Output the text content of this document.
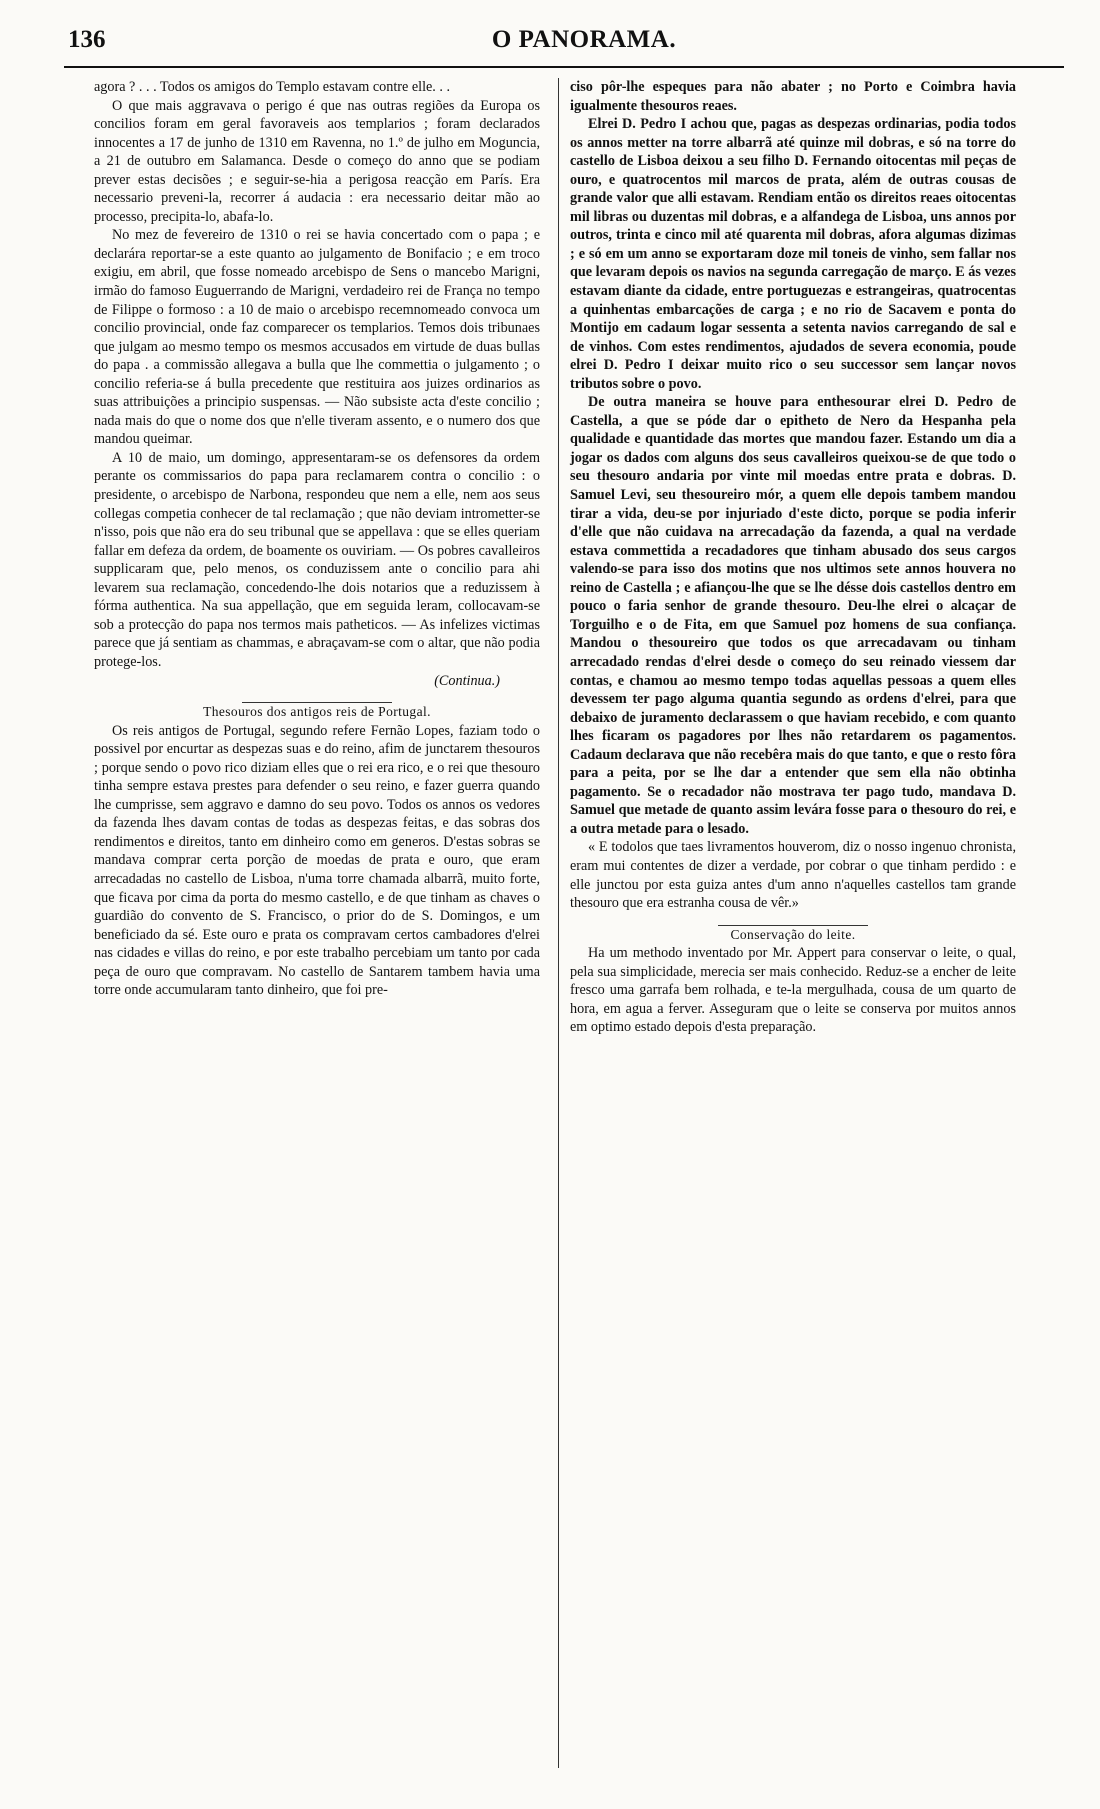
136	O PANORAMA.

agora ? . . . Todos os amigos do Templo estavam contre elle. . .

O que mais aggravava o perigo é que nas outras regiões da Europa os concilios foram em geral favoraveis aos templarios ; foram declarados innocentes a 17 de junho de 1310 em Ravenna, no 1.º de julho em Moguncia, a 21 de outubro em Salamanca. Desde o começo do anno que se podiam prever estas decisões ; e seguir-se-hia a perigosa reacção em París. Era necessario preveni-la, recorrer á audacia : era necessario deitar mão ao processo, precipita-lo, abafa-lo.

No mez de fevereiro de 1310 o rei se havia concertado com o papa ; e declarára reportar-se a este quanto ao julgamento de Bonifacio ; e em troco exigiu, em abril, que fosse nomeado arcebispo de Sens o mancebo Marigni, irmão do famoso Euguerrando de Marigni, verdadeiro rei de França no tempo de Filippe o formoso : a 10 de maio o arcebispo recemnomeado convoca um concilio provincial, onde faz comparecer os templarios. Temos dois tribunaes que julgam ao mesmo tempo os mesmos accusados em virtude de duas bullas do papa . a commissão allegava a bulla que lhe commettia o julgamento ; o concilio referia-se á bulla precedente que restituira aos juizes ordinarios as suas attribuições a principio suspensas. — Não subsiste acta d'este concilio ; nada mais do que o nome dos que n'elle tiveram assento, e o numero dos que mandou queimar.

A 10 de maio, um domingo, appresentaram-se os defensores da ordem perante os commissarios do papa para reclamarem contra o concilio : o presidente, o arcebispo de Narbona, respondeu que nem a elle, nem aos seus collegas competia conhecer de tal reclamação ; que não deviam intrometter-se n'isso, pois que não era do seu tribunal que se appellava : que se elles queriam fallar em defeza da ordem, de boamente os ouviriam. — Os pobres cavalleiros supplicaram que, pelo menos, os conduzissem ante o concilio para ahi levarem sua reclamação, concedendo-lhe dois notarios que a reduzissem à fórma authentica. Na sua appellação, que em seguida leram, collocavam-se sob a protecção do papa nos termos mais patheticos. — As infelizes victimas parece que já sentiam as chammas, e abraçavam-se com o altar, que não podia protege-los.

(Continua.)

Thesouros dos antigos reis de Portugal.

Os reis antigos de Portugal, segundo refere Fernão Lopes, faziam todo o possivel por encurtar as despezas suas e do reino, afim de junctarem thesouros ; porque sendo o povo rico diziam elles que o rei era rico, e o rei que thesouro tinha sempre estava prestes para defender o seu reino, e fazer guerra quando lhe cumprisse, sem aggravo e damno do seu povo. Todos os annos os vedores da fazenda lhes davam contas de todas as despezas feitas, e das sobras dos rendimentos e direitos, tanto em dinheiro como em generos. D'estas sobras se mandava comprar certa porção de moedas de prata e ouro, que eram arrecadadas no castello de Lisboa, n'uma torre chamada albarrã, muito forte, que ficava por cima da porta do mesmo castello, e de que tinham as chaves o guardião do convento de S. Francisco, o prior do de S. Domingos, e um beneficiado da sé. Este ouro e prata os compravam certos cambadores d'elrei nas cidades e villas do reino, e por este trabalho percebiam um tanto por cada peça de ouro que compravam. No castello de Santarem tambem havia uma torre onde accumularam tanto dinheiro, que foi pre-

ciso pôr-lhe espeques para não abater ; no Porto e Coimbra havia igualmente thesouros reaes.

Elrei D. Pedro I achou que, pagas as despezas ordinarias, podia todos os annos metter na torre albarrã até quinze mil dobras, e só na torre do castello de Lisboa deixou a seu filho D. Fernando oitocentas mil peças de ouro, e quatrocentos mil marcos de prata, além de outras cousas de grande valor que alli estavam. Rendiam então os direitos reaes oitocentas mil libras ou duzentas mil dobras, e a alfandega de Lisboa, uns annos por outros, trinta e cinco mil até quarenta mil dobras, afora algumas dizimas ; e só em um anno se exportaram doze mil toneis de vinho, sem fallar nos que levaram depois os navios na segunda carregação de março. E ás vezes estavam diante da cidade, entre portuguezas e estrangeiras, quatrocentas a quinhentas embarcações de carga ; e no rio de Sacavem e ponta do Montijo em cadaum logar sessenta a setenta navios carregando de sal e de vinhos. Com estes rendimentos, ajudados de severa economia, poude elrei D. Pedro I deixar muito rico o seu successor sem lançar novos tributos sobre o povo.

De outra maneira se houve para enthesourar elrei D. Pedro de Castella, a que se póde dar o epitheto de Nero da Hespanha pela qualidade e quantidade das mortes que mandou fazer. Estando um dia a jogar os dados com alguns dos seus cavalleiros queixou-se de que todo o seu thesouro andaria por vinte mil moedas entre prata e dobras. D. Samuel Levi, seu thesoureiro mór, a quem elle depois tambem mandou tirar a vida, deu-se por injuriado d'este dicto, porque se podia inferir d'elle que não cuidava na arrecadação da fazenda, a qual na verdade estava commettida a recadadores que tinham abusado dos seus cargos valendo-se para isso dos motins que nos ultimos sete annos houvera no reino de Castella ; e afiançou-lhe que se lhe désse dois castellos dentro em pouco o faria senhor de grande thesouro. Deu-lhe elrei o alcaçar de Torguilho e o de Fita, em que Samuel poz homens de sua confiança. Mandou o thesoureiro que todos os que arrecadavam ou tinham arrecadado rendas d'elrei desde o começo do seu reinado viessem dar contas, e chamou ao mesmo tempo todas aquellas pessoas a quem elles devessem ter pago alguma quantia segundo as ordens d'elrei, para que debaixo de juramento declarassem o que haviam recebido, e com quanto lhes ficaram os pagadores por lhes não retardarem os pagamentos. Cadaum declarava que não recebêra mais do que tanto, e que o resto fôra para a peita, por se lhe dar a entender que sem ella não obtinha pagamento. Se o recadador não mostrava ter pago tudo, mandava D. Samuel que metade de quanto assim levára fosse para o thesouro do rei, e a outra metade para o lesado.

« E todolos que taes livramentos houverom, diz o nosso ingenuo chronista, eram mui contentes de dizer a verdade, por cobrar o que tinham perdido : e elle junctou por esta guiza antes d'um anno n'aquelles castellos tam grande thesouro que era estranha cousa de vêr.»

Conservação do leite.

Ha um methodo inventado por Mr. Appert para conservar o leite, o qual, pela sua simplicidade, merecia ser mais conhecido. Reduz-se a encher de leite fresco uma garrafa bem rolhada, e te-la mergulhada, cousa de um quarto de hora, em agua a ferver. Asseguram que o leite se conserva por muitos annos em optimo estado depois d'esta preparação.
